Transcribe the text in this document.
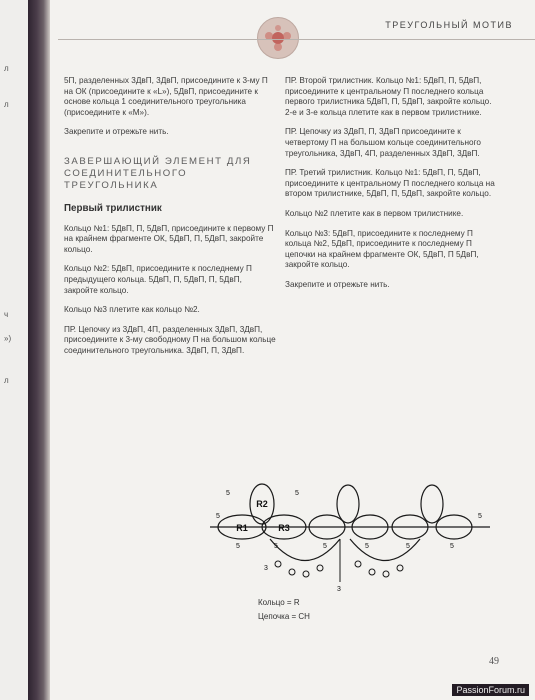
л
л
ч
»)
л
ТРЕУГОЛЬНЫЙ МОТИВ

5П, разделенных 3ДвП, 3ДвП, присоедините к 3-му П на ОК (присоедините к «L»), 5ДвП, присоедините к основе кольца 1 соединительного треугольника (присоедините к «M»).

Закрепите и отрежьте нить.

ЗАВЕРШАЮЩИЙ ЭЛЕМЕНТ ДЛЯ СОЕДИНИТЕЛЬНОГО ТРЕУГОЛЬНИКА
Первый трилистник

Кольцо №1: 5ДвП, П, 5ДвП, присоедините к первому П на крайнем фрагменте ОК, 5ДвП, П, 5ДвП, закройте кольцо.

Кольцо №2: 5ДвП, присоедините к последнему П предыдущего кольца. 5ДвП, П, 5ДвП, П, 5ДвП, закройте кольцо.

Кольцо №3 плетите как кольцо №2.

ПР. Цепочку из 3ДвП, 4П, разделенных 3ДвП, 3ДвП, присоедините к 3-му свободному П на большом кольце соединительного треугольника. 3ДвП, П, 3ДвП.

ПР. Второй трилистник. Кольцо №1: 5ДвП, П, 5ДвП, присоедините к центральному П последнего кольца первого трилистника 5ДвП, П, 5ДвП, закройте кольцо. 2-е и 3-е кольца плетите как в первом трилистнике.

ПР. Цепочку из 3ДвП, П, 3ДвП присоедините к четвертому П на большом кольце соединительного треугольника, 3ДвП, 4П, разделенных 3ДвП, 3ДвП.

ПР. Третий трилистник. Кольцо №1: 5ДвП, П, 5ДвП, присоедините к центральному П последнего кольца на втором трилистнике, 5ДвП, П, 5ДвП, закройте кольцо.

Кольцо №2 плетите как в первом трилистнике.

Кольцо №3: 5ДвП, присоедините к последнему П кольца №2, 5ДвП, присоедините к последнему П цепочки на крайнем фрагменте ОК, 5ДвП, П 5ДвП, закройте кольцо.

Закрепите и отрежьте нить.

R1
R2
R3
5	5
5
5	5	5	5	5	5
5
3
3
Кольцо = R
Цепочка = CH
49
PassionForum.ru
